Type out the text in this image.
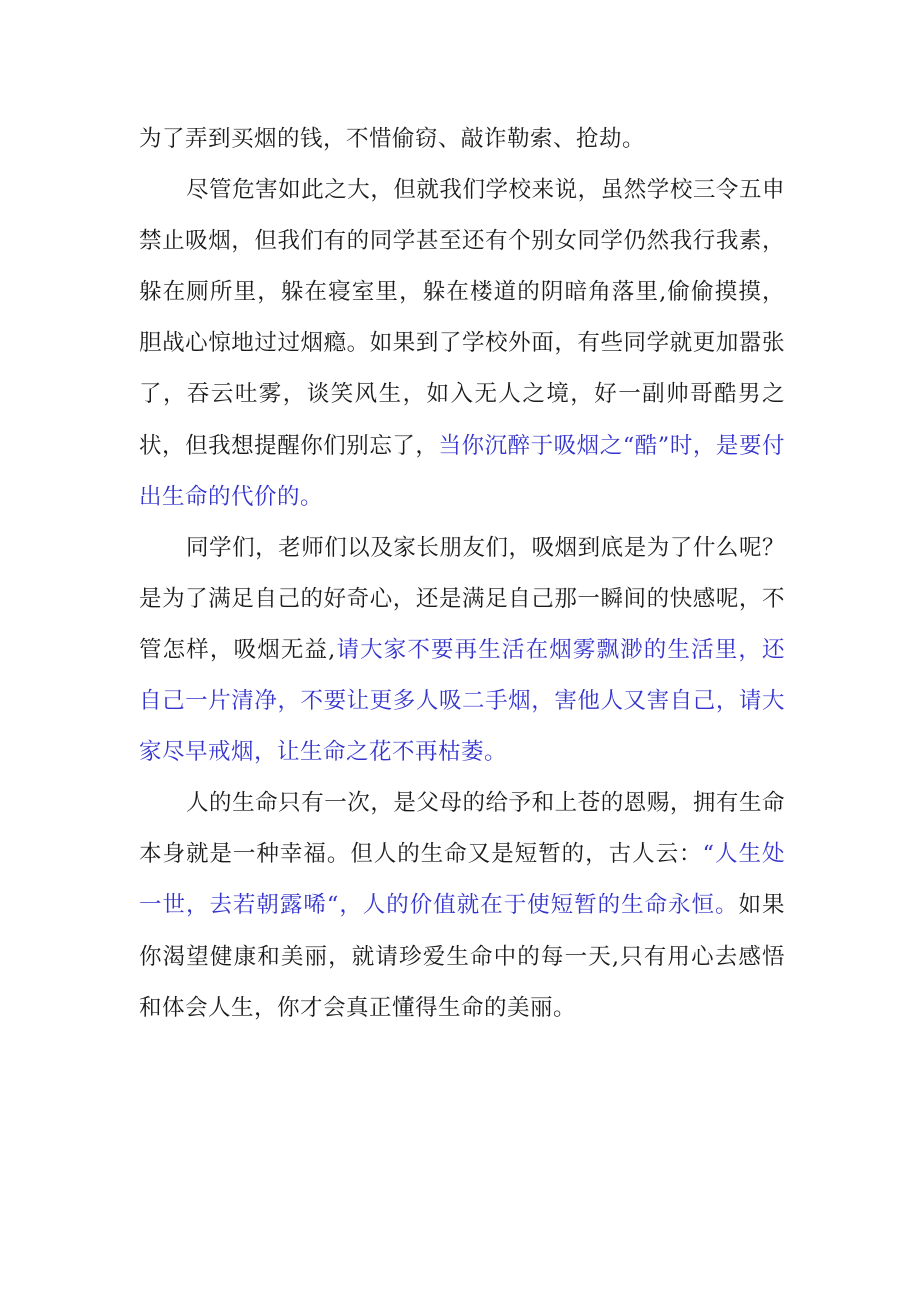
为了弄到买烟的钱，不惜偷窃、敲诈勒索、抢劫。

尽管危害如此之大，但就我们学校来说，虽然学校三令五申禁止吸烟，但我们有的同学甚至还有个别女同学仍然我行我素，躲在厕所里，躲在寝室里，躲在楼道的阴暗角落里,偷偷摸摸，胆战心惊地过过烟瘾。如果到了学校外面，有些同学就更加嚣张了，吞云吐雾，谈笑风生，如入无人之境，好一副帅哥酷男之状，但我想提醒你们别忘了，当你沉醉于吸烟之“酷”时，是要付出生命的代价的。

同学们，老师们以及家长朋友们，吸烟到底是为了什么呢？是为了满足自己的好奇心，还是满足自己那一瞬间的快感呢，不管怎样，吸烟无益,请大家不要再生活在烟雾飘渺的生活里，还自己一片清净，不要让更多人吸二手烟，害他人又害自己，请大家尽早戒烟，让生命之花不再枯萎。

人的生命只有一次，是父母的给予和上苍的恩赐，拥有生命本身就是一种幸福。但人的生命又是短暂的，古人云：“人生处一世，去若朝露唏“，人的价值就在于使短暂的生命永恒。如果你渴望健康和美丽，就请珍爱生命中的每一天,只有用心去感悟和体会人生，你才会真正懂得生命的美丽。
